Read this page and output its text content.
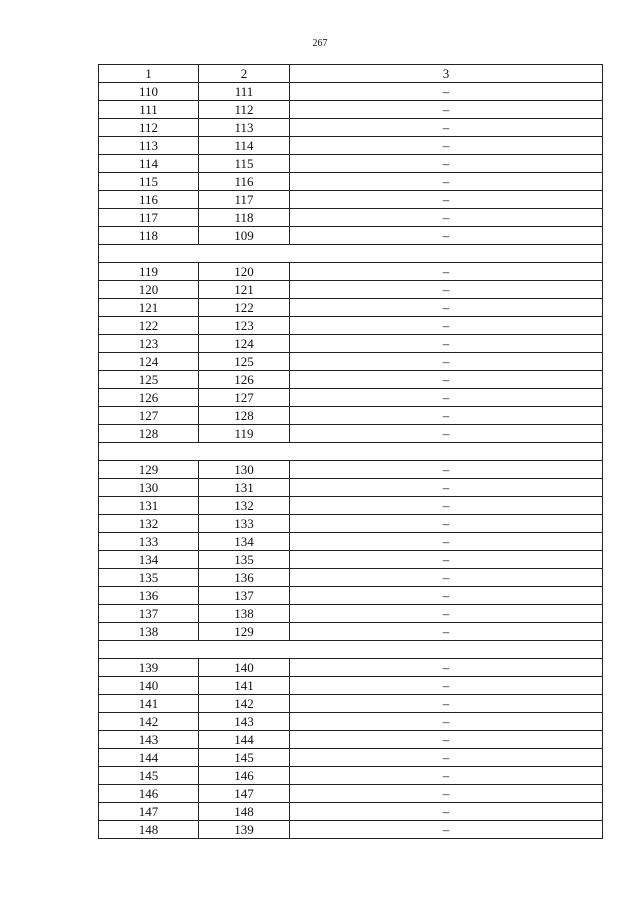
267
1	2	3
110	111	–
111	112	–
112	113	–
113	114	–
114	115	–
115	116	–
116	117	–
117	118	–
118	109	–

119	120	–
120	121	–
121	122	–
122	123	–
123	124	–
124	125	–
125	126	–
126	127	–
127	128	–
128	119	–

129	130	–
130	131	–
131	132	–
132	133	–
133	134	–
134	135	–
135	136	–
136	137	–
137	138	–
138	129	–

139	140	–
140	141	–
141	142	–
142	143	–
143	144	–
144	145	–
145	146	–
146	147	–
147	148	–
148	139	–
